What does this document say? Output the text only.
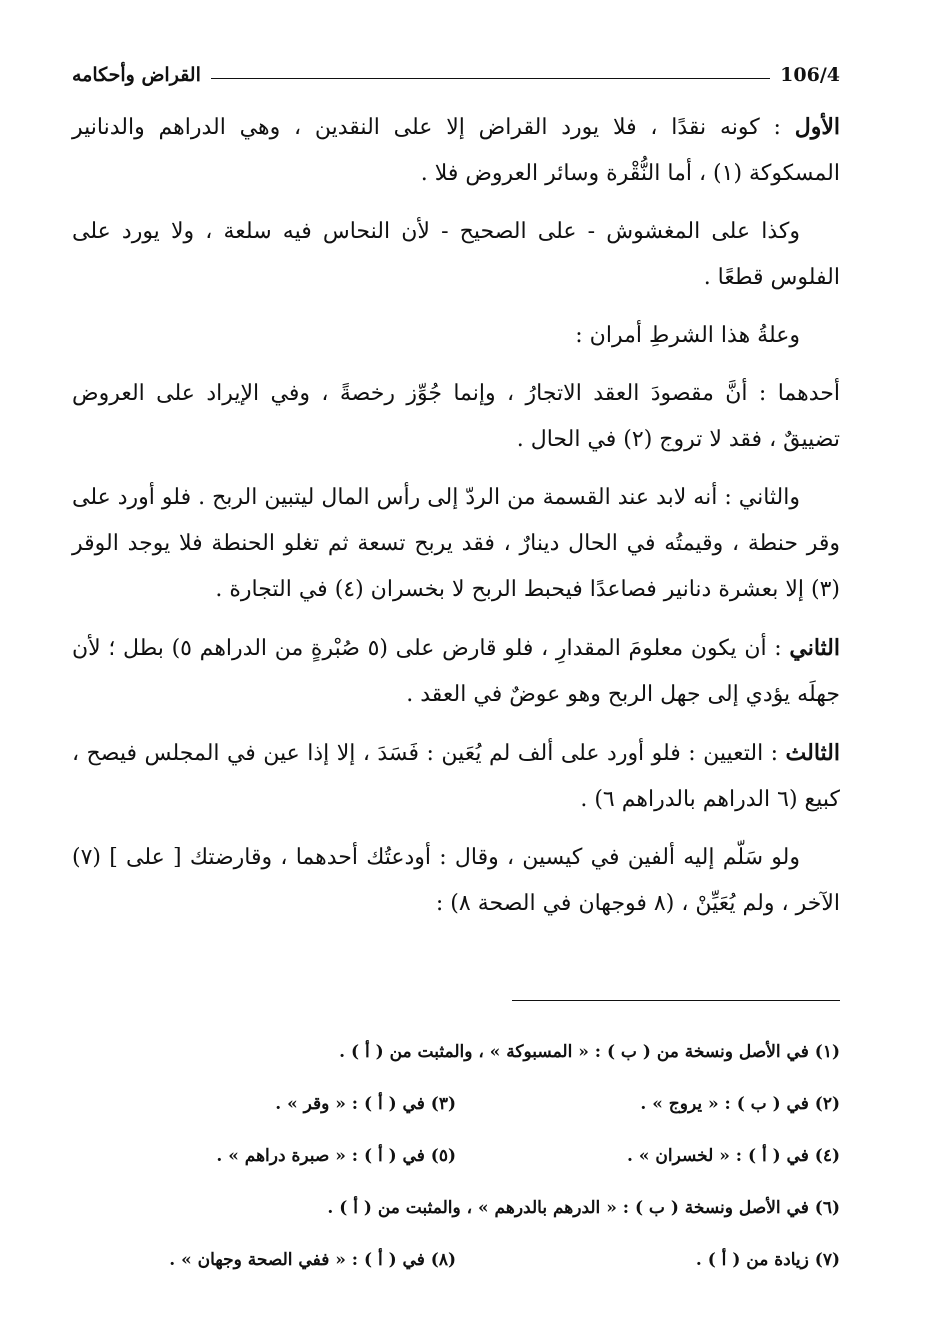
القراض وأحكامه	106/4

الأول : كونه نقدًا ، فلا يورد القراض إلا على النقدين ، وهي الدراهم والدنانير المسكوكة (١) ، أما النُّقْرة وسائر العروض فلا .

وكذا على المغشوش - على الصحيح - لأن النحاس فيه سلعة ، ولا يورد على الفلوس قطعًا .

وعلةُ هذا الشرطِ أمران :

أحدهما : أنَّ مقصودَ العقد الاتجارُ ، وإنما جُوِّز رخصةً ، وفي الإيراد على العروض تضييقٌ ، فقد لا تروج (٢) في الحال .

والثاني : أنه لابد عند القسمة من الردّ إلى رأس المال ليتبين الربح . فلو أورد على وقر حنطة ، وقيمتُه في الحال دينارٌ ، فقد يربح تسعة ثم تغلو الحنطة فلا يوجد الوقر (٣) إلا بعشرة دنانير فصاعدًا فيحبط الربح لا بخسران (٤) في التجارة .

الثاني : أن يكون معلومَ المقدارِ ، فلو قارض على (٥ صُبْرةٍ من الدراهم ٥) بطل ؛ لأن جهلَه يؤدي إلى جهل الربح وهو عوضٌ في العقد .

الثالث : التعيين : فلو أورد على ألف لم يُعَين : فَسَدَ ، إلا إذا عين في المجلس فيصح ، كبيع (٦ الدراهم بالدراهم ٦) .

ولو سَلّم إليه ألفين في كيسين ، وقال : أودعتُك أحدهما ، وقارضتك [ على ] (٧) الآخر ، ولم يُعَيِّنْ ، (٨ فوجهان في الصحة ٨) :

(١) في الأصل ونسخة من ( ب ) : « المسبوكة » ، والمثبت من ( أ ) .
(٢) في ( ب ) : « يروج » .
(٣) في ( أ ) : « وقر » .
(٤) في ( أ ) : « لخسران » .
(٥) في ( أ ) : « صبرة دراهم » .
(٦) في الأصل ونسخة ( ب ) : « الدرهم بالدرهم » ، والمثبت من ( أ ) .
(٧) زيادة من ( أ ) .
(٨) في ( أ ) : « ففي الصحة وجهان » .
